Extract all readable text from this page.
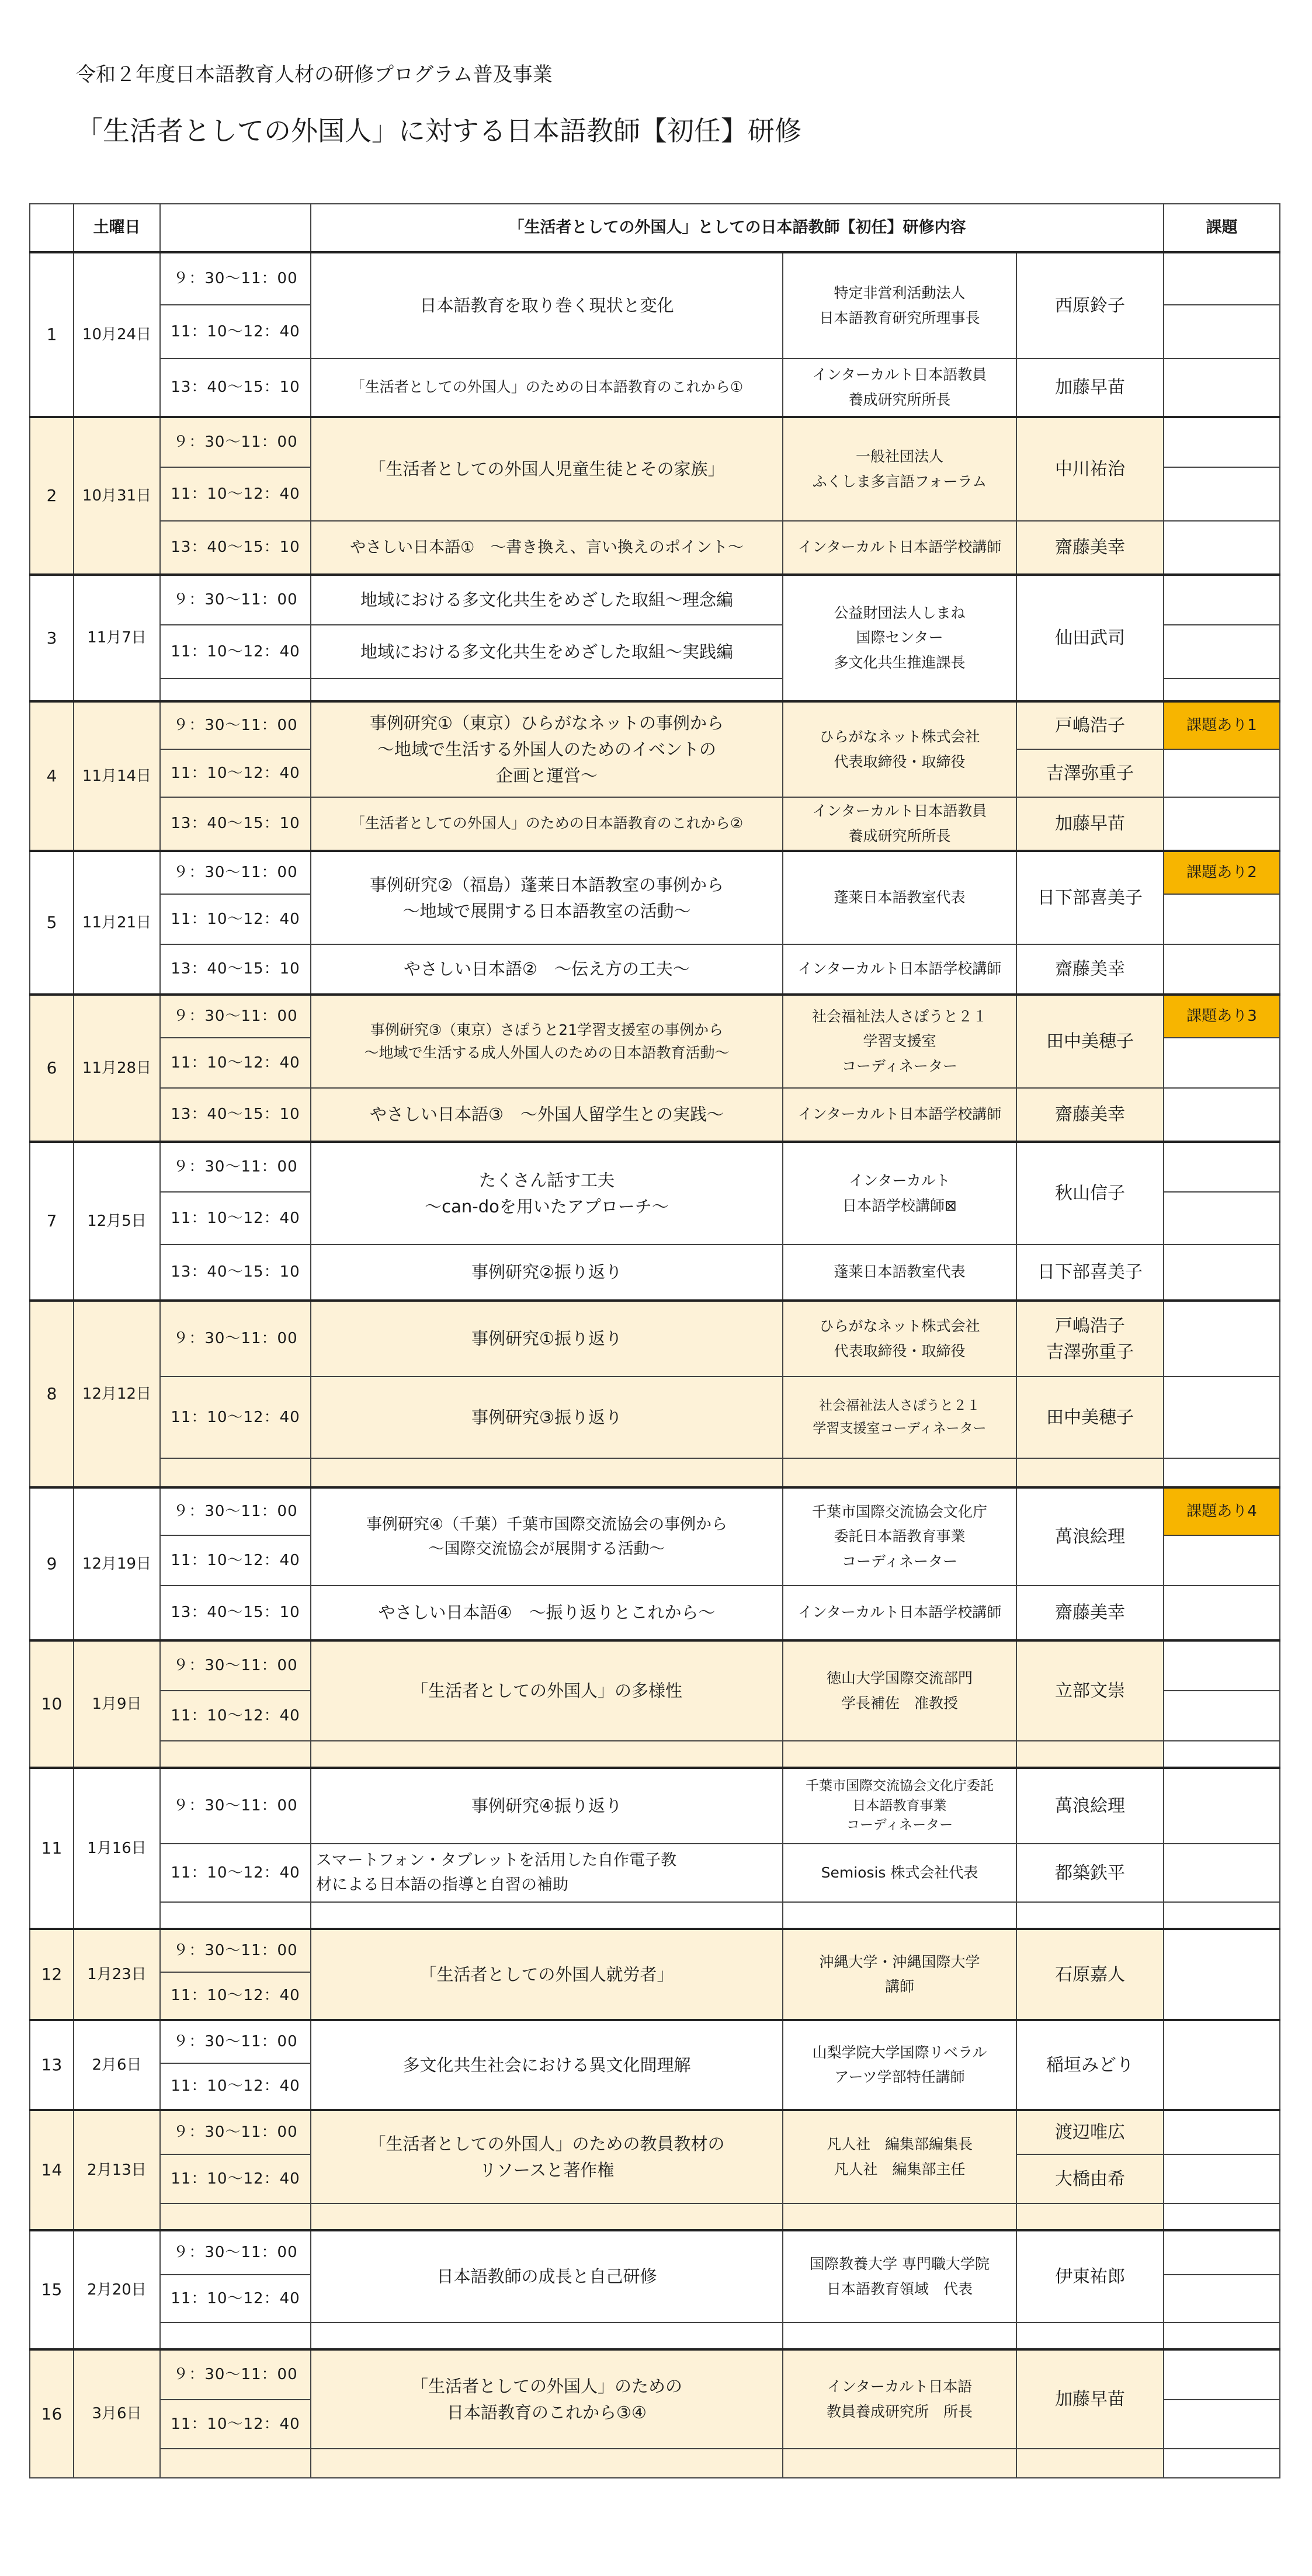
令和２年度日本語教育人材の研修プログラム普及事業
「生活者としての外国人」に対する日本語教師【初任】研修
	土曜日		「生活者としての外国人」としての日本語教師【初任】研修内容			課題
1	10月24日	９：30～11：00	日本語教育を取り巻く現状と変化	特定非営利活動法人
日本語教育研究所理事長	西原鈴子	
		11：10～12：40				
		13：40～15：10	「生活者としての外国人」のための日本語教育のこれから①	インターカルト日本語教員
養成研究所所長	加藤早苗	
2	10月31日	９：30～11：00	「生活者としての外国人児童生徒とその家族」	一般社団法人
ふくしま多言語フォーラム	中川祐治	
		11：10～12：40				
		13：40～15：10	やさしい日本語①　～書き換え、言い換えのポイント～	インターカルト日本語学校講師	齋藤美幸	
3	11月7日	９：30～11：00	地域における多文化共生をめざした取組～理念編	公益財団法人しまね
国際センター
多文化共生推進課長	仙田武司	
		11：10～12：40	地域における多文化共生をめざした取組～実践編			

4	11月14日	９：30～11：00	事例研究①（東京）ひらがなネットの事例から
～地域で生活する外国人のためのイベントの
企画と運営～	ひらがなネット株式会社
代表取締役・取締役	戸嶋浩子	課題あり1
		11：10～12：40			吉澤弥重子	
		13：40～15：10	「生活者としての外国人」のための日本語教育のこれから②	インターカルト日本語教員
養成研究所所長	加藤早苗	
5	11月21日	９：30～11：00	事例研究②（福島）蓬莱日本語教室の事例から
～地域で展開する日本語教室の活動～	蓬莱日本語教室代表	日下部喜美子	課題あり2
		11：10～12：40				
		13：40～15：10	やさしい日本語②　～伝え方の工夫～	インターカルト日本語学校講師	齋藤美幸	
6	11月28日	９：30～11：00	事例研究③（東京）さぽうと21学習支援室の事例から
～地域で生活する成人外国人のための日本語教育活動～	社会福祉法人さぽうと２１
学習支援室
コーディネーター	田中美穂子	課題あり3
		11：10～12：40				
		13：40～15：10	やさしい日本語③　～外国人留学生との実践～	インターカルト日本語学校講師	齋藤美幸	
7	12月5日	９：30～11：00	たくさん話す工夫
～can-doを用いたアプローチ～	インターカルト
日本語学校講師⊠	秋山信子	
		11：10～12：40				
		13：40～15：10	事例研究②振り返り	蓬莱日本語教室代表	日下部喜美子	
8	12月12日	９：30～11：00	事例研究①振り返り	ひらがなネット株式会社
代表取締役・取締役	戸嶋浩子
吉澤弥重子	
		11：10～12：40	事例研究③振り返り	社会福祉法人さぽうと２１
学習支援室コーディネーター	田中美穂子	

9	12月19日	９：30～11：00	事例研究④（千葉）千葉市国際交流協会の事例から
～国際交流協会が展開する活動～	千葉市国際交流協会文化庁
委託日本語教育事業
コーディネーター	萬浪絵理	課題あり4
		11：10～12：40				
		13：40～15：10	やさしい日本語④　～振り返りとこれから～	インターカルト日本語学校講師	齋藤美幸	
10	1月9日	９：30～11：00	「生活者としての外国人」の多様性	徳山大学国際交流部門
学長補佐　准教授	立部文崇	
		11：10～12：40				

11	1月16日	９：30～11：00	事例研究④振り返り	千葉市国際交流協会文化庁委託
日本語教育事業
コーディネーター	萬浪絵理	
		11：10～12：40	スマートフォン・タブレットを活用した自作電子教
材による日本語の指導と自習の補助	Semiosis 株式会社代表	都築鉄平	

12	1月23日	９：30～11：00	「生活者としての外国人就労者」	沖縄大学・沖縄国際大学
講師	石原嘉人	
		11：10～12：40				
13	2月6日	９：30～11：00	多文化共生社会における異文化間理解	山梨学院大学国際リベラル
アーツ学部特任講師	稲垣みどり	
		11：10～12：40				
14	2月13日	９：30～11：00	「生活者としての外国人」のための教員教材の
リソースと著作権	凡人社　編集部編集長
凡人社　編集部主任	渡辺唯広	
		11：10～12：40			大橋由希	

15	2月20日	９：30～11：00	日本語教師の成長と自己研修	国際教養大学 専門職大学院
日本語教育領域　代表	伊東祐郎	
		11：10～12：40				

16	3月6日	９：30～11：00	「生活者としての外国人」のための
日本語教育のこれから③④	インターカルト日本語
教員養成研究所　所長	加藤早苗	
		11：10～12：40				
